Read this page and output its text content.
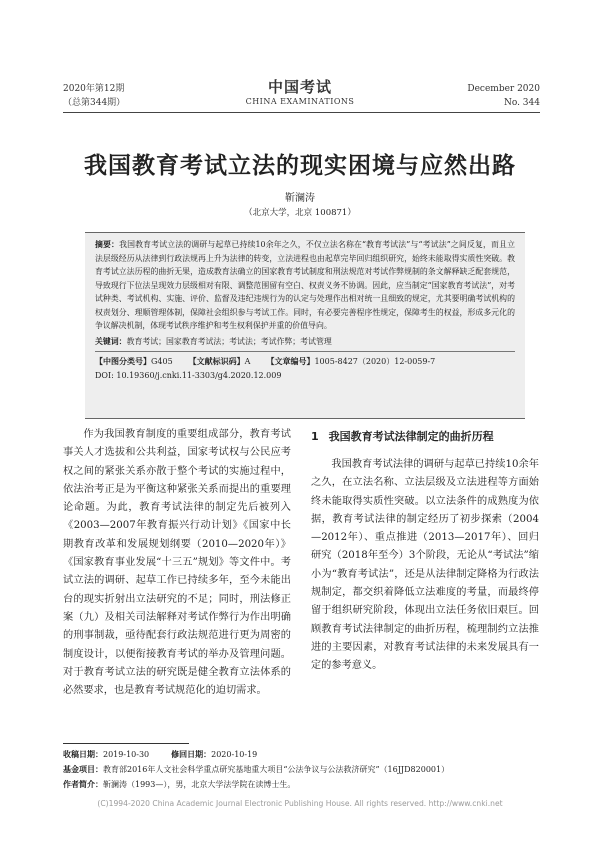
2020年第12期
（总第344期）
中国考试
CHINA EXAMINATIONS
December 2020
No. 344
我国教育考试立法的现实困境与应然出路
靳澜涛
（北京大学，北京 100871）
摘要：我国教育考试立法的调研与起草已持续10余年之久，不仅立法名称在“教育考试法”与“考试法”之间反复，而且立法层级经历从法律到行政法规再上升为法律的转变，立法进程也由起草完毕回归组织研究，始终未能取得实质性突破。教育考试立法历程的曲折无果，造成教育法确立的国家教育考试制度和刑法规范对考试作弊规制的条文解释缺乏配套规范，导致现行下位法呈现效力层级相对有限、调整范围留有空白、权责义务不协调。因此，应当制定“国家教育考试法”，对考试种类、考试机构、实施、评价、监督及违纪违规行为的认定与处理作出相对统一且细致的规定，尤其要明确考试机构的权责划分、理顺管理体制，保障社会组织参与考试工作。同时，有必要完善程序性规定，保障考生的权益，形成多元化的争议解决机制，体现考试秩序维护和考生权利保护并重的价值导向。
关键词：教育考试；国家教育考试法；考试法；考试作弊；考试管理
【中图分类号】G405 【文献标识码】A 【文章编号】1005-8427（2020）12-0059-7
DOI: 10.19360/j.cnki.11-3303/g4.2020.12.009
作为我国教育制度的重要组成部分，教育考试事关人才选拔和公共利益，国家考试权与公民应考权之间的紧张关系亦散于整个考试的实施过程中，依法治考正是为平衡这种紧张关系而提出的重要理论命题。为此，教育考试法律的制定先后被列入《2003—2007年教育振兴行动计划》《国家中长期教育改革和发展规划纲要（2010—2020年）》《国家教育事业发展“十三五”规划》等文件中。考试立法的调研、起草工作已持续多年，至今未能出台的现实折射出立法研究的不足；同时，刑法修正案（九）及相关司法解释对考试作弊行为作出明确的刑事制裁，亟待配套行政法规范进行更为周密的制度设计，以便衔接教育考试的举办及管理问题。对于教育考试立法的研究既是健全教育立法体系的必然要求，也是教育考试规范化的迫切需求。
1 我国教育考试法律制定的曲折历程
我国教育考试法律的调研与起草已持续10余年之久，在立法名称、立法层级及立法进程等方面始终未能取得实质性突破。以立法条件的成熟度为依据，教育考试法律的制定经历了初步探索（2004—2012年）、重点推进（2013—2017年）、回归研究（2018年至今）3个阶段，无论从“考试法”缩小为“教育考试法”，还是从法律制定降格为行政法规制定，都交织着降低立法难度的考量，而最终停留于组织研究阶段，体现出立法任务依旧艰巨。回顾教育考试法律制定的曲折历程，梳理制约立法推进的主要因素，对教育考试法律的未来发展具有一定的参考意义。
收稿日期：2019-10-30	修回日期：2020-10-19
基金项目：教育部2016年人文社会科学重点研究基地重大项目“公法争议与公法救济研究”（16JJD820001）
作者简介：靳澜涛（1993—），男，北京大学法学院在读博士生。
(C)1994-2020 China Academic Journal Electronic Publishing House. All rights reserved. http://www.cnki.net
